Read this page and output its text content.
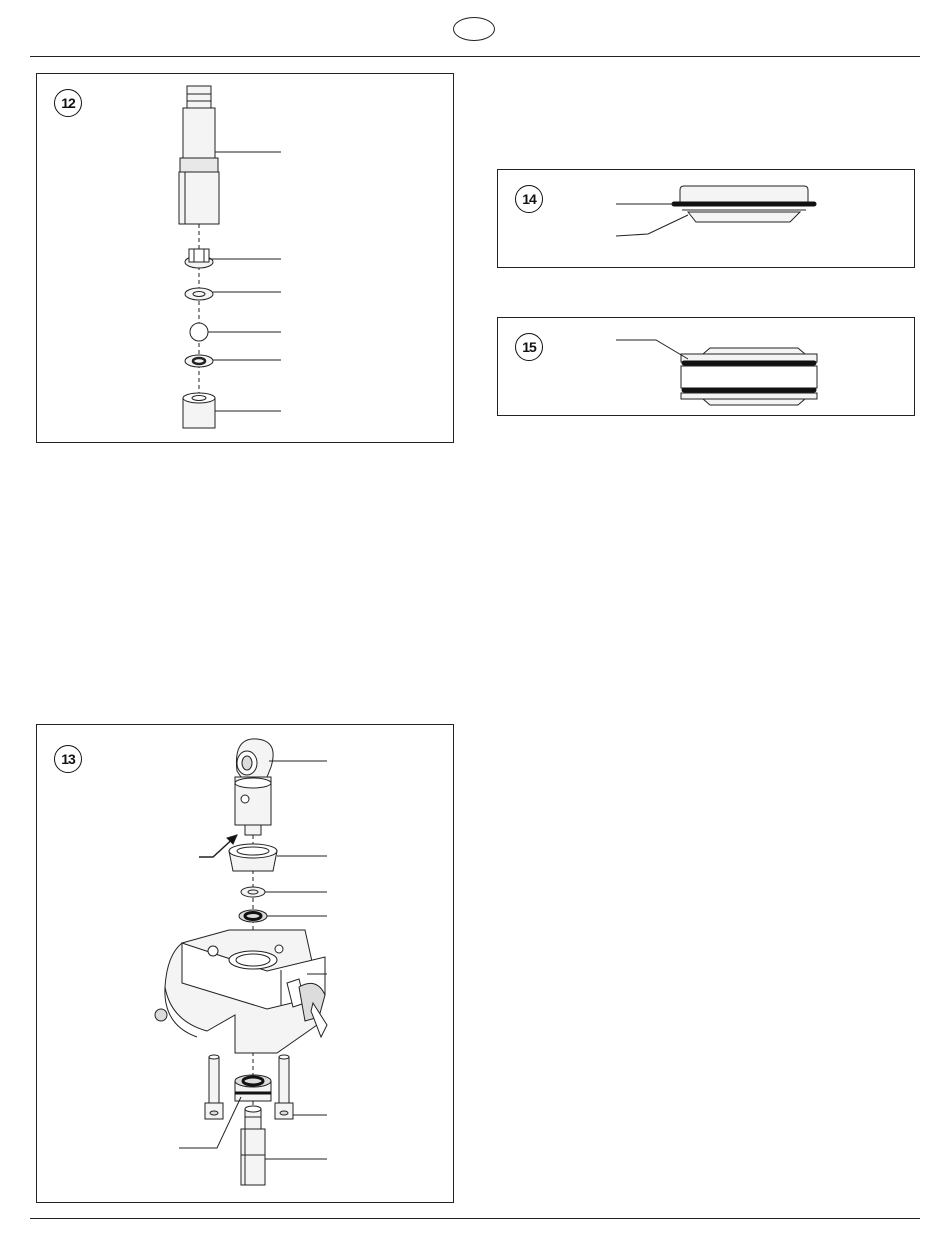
12
14
15
13
